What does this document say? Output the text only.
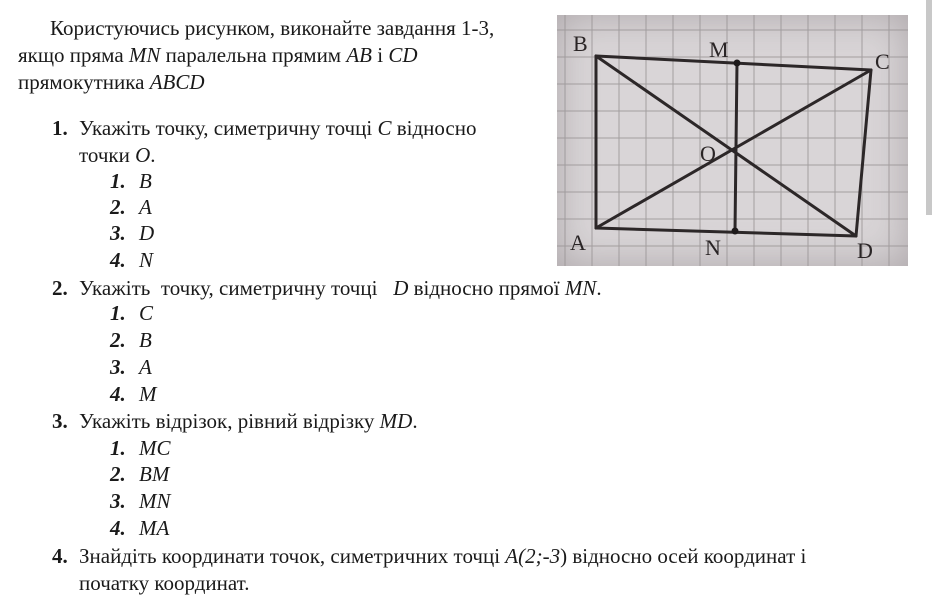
Користуючись рисунком, виконайте завдання 1-3, якщо пряма MN паралельна прямим AB і CD прямокутника ABCD
1. Укажіть точку, симетричну точці C відносно
точки O.
1. B
2. A
3. D
4. N
2. Укажіть  точку, симетричну точці   D відносно прямої MN.
1. C
2. B
3. A
4. M
3. Укажіть відрізок, рівний відрізку MD.
1. MC
2. BM
3. MN
4. MA
4. Знайдіть координати точок, симетричних точці A(2;-3) відносно осей координат і
початку координат.
B	M	C
O
A	N	D
